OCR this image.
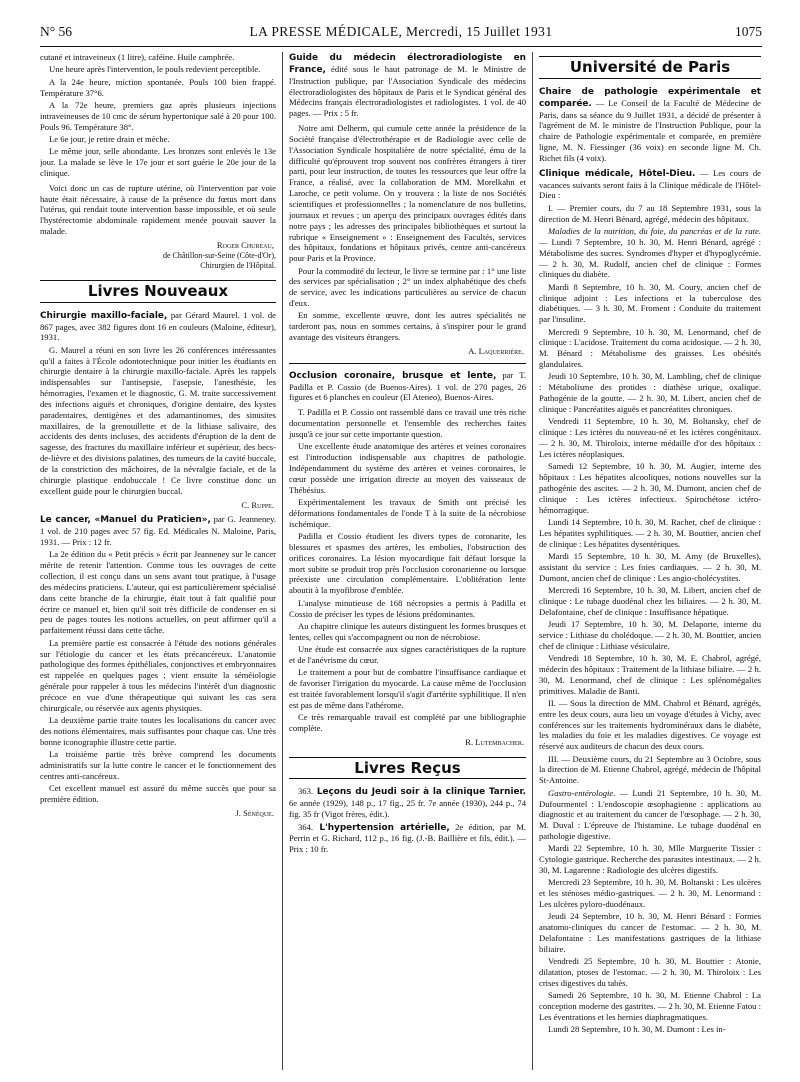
N° 56	LA PRESSE MÉDICALE, Mercredi, 15 Juillet 1931	1075

cutané et intraveineux (1 litre), caféine. Huile camphrée.

Une heure après l'intervention, le pouls redevient perceptible.

A la 24e heure, miction spontanée. Pouls 100 bien frappé. Température 37°6.

A la 72e heure, premiers gaz après plusieurs injections intraveineuses de 10 cmc de sérum hypertonique salé à 20 pour 100. Pouls 96. Température 38°.

Le 6e jour, je retire drain et mèche.

Le même jour, selle abondante. Les bronzes sont enlevés le 13e jour. La malade se lève le 17e jour et sort guérie le 20e jour de la clinique.

Voici donc un cas de rupture utérine, où l'intervention par voie haute était nécessaire, à cause de la présence du fœtus mort dans l'utérus, qui rendait toute intervention basse impossible, et où seule l'hystérectomie abdominale rapidement menée pouvait sauver la malade.

Roger Chureau,

de Châtillon-sur-Seine (Côte-d'Or),

Chirurgien de l'Hôpital.

Livres Nouveaux

Chirurgie maxillo-faciale, par Gérard Maurel. 1 vol. de 867 pages, avec 382 figures dont 16 en couleurs (Maloine, éditeur), 1931.

G. Maurel a réuni en son livre les 26 conférences intéressantes qu'il a faites à l'École odontotechnique pour initier les étudiants en chirurgie dentaire à la chirurgie maxillo-faciale. Après les rappels indispensables sur l'antisepsie, l'asepsie, l'anesthésie, les hémorragies, l'examen et le diagnostic, G. M. traite successivement des infections aiguës et chroniques, d'origine dentaire, des kystes paradentaires, dentigènes et des adamantinomes, des sinusites maxillaires, de la grenouillette et de la lithiase salivaire, des accidents des dents incluses, des accidents d'éruption de la dent de sagesse, des fractures du maxillaire inférieur et supérieur, des becs-de-lièvre et des divisions palatines, des tumeurs de la cavité buccale, de la constriction des mâchoires, de la névralgie faciale, et de la chirurgie plastique endobuccale ! Ce livre constitue donc un excellent guide pour le chirurgien buccal.

C. Ruppe.

Le cancer, «Manuel du Praticien», par G. Jeanneney. 1 vol. de 210 pages avec 57 fig. Ed. Médicales N. Maloine, Paris, 1931. — Prix : 12 fr.

La 2e édition du « Petit précis » écrit par Jeanneney sur le cancer mérite de retenir l'attention. Comme tous les ouvrages de cette collection, il est conçu dans un sens avant tout pratique, à l'usage des médecins praticiens. L'auteur, qui est particulièrement spécialisé dans cette branche de la chirurgie, était tout à fait qualifié pour écrire ce manuel et, bien qu'il soit très difficile de condenser en si peu de pages toutes les notions actuelles, on peut affirmer qu'il a parfaitement réussi dans cette tâche.

La première partie est consacrée à l'étude des notions générales sur l'étiologie du cancer et les états précancéreux. L'anatomie pathologique des formes épithéliales, conjonctives et embryonnaires est rappelée en quelques pages ; vient ensuite la séméiologie générale pour rappeler à tous les médecins l'intérêt d'un diagnostic précoce en vue d'une thérapeutique qui suivant les cas sera chirurgicale, ou réservée aux agents physiques.

La deuxième partie traite toutes les localisations du cancer avec des notions élémentaires, mais suffisantes pour chaque cas. Une très bonne iconographie illustre cette partie.

La troisième partie très brève comprend les documents administratifs sur la lutte contre le cancer et le fonctionnement des centres anti-cancéreux.

Cet excellent manuel est assuré du même succès que pour sa première édition.

J. Sénèque.

Guide du médecin électroradiologiste en France, édité sous le haut patronage de M. le Ministre de l'Instruction publique, par l'Association Syndicale des médecins électroradiologistes des hôpitaux de Paris et le Syndicat général des Médecins français électroradiologistes et radiologistes. 1 vol. de 40 pages. — Prix : 5 fr.

Notre ami Delherm, qui cumule cette année la présidence de la Société française d'électrothérapie et de Radiologie avec celle de l'Association Syndicale hospitalière de notre spécialité, ému de la difficulté qu'éprouvent trop souvent nos confrères étrangers à tirer parti, pour leur instruction, de toutes les ressources que leur offre la France, a réalisé, avec la collaboration de MM. Morelkahn et Laroche, ce petit volume. On y trouvera : la liste de nos Sociétés scientifiques et professionnelles ; la nomenclature de nos bulletins, journaux et revues ; un aperçu des principaux ouvrages édités dans notre pays ; les adresses des principales bibliothèques et surtout la rubrique « Enseignement » : Enseignement des Facultés, services des hôpitaux, fondations et hôpitaux privés, centre anti-cancéreux pour Paris et la Province.

Pour la commodité du lecteur, le livre se termine par : 1° une liste des services par spécialisation ; 2° un index alphabétique des chefs de service, avec les indications particulières au service de chacun d'eux.

En somme, excellente œuvre, dont les autres spécialités ne tarderont pas, nous en sommes certains, à s'inspirer pour le grand avantage des visiteurs étrangers.

A. Laquerrière.

Occlusion coronaire, brusque et lente, par T. Padilla et P. Cossio (de Buenos-Aires). 1 vol. de 270 pages, 26 figures et 6 planches en couleur (El Ateneo), Buenos-Aires.

T. Padilla et P. Cossio ont rassemblé dans ce travail une très riche documentation personnelle et l'ensemble des recherches faites jusqu'à ce jour sur cette importante question.

Une excellente étude anatomique des artères et veines coronaires est l'introduction indispensable aux chapitres de pathologie. Indépendamment du système des artères et veines coronaires, le cœur possède une irrigation directe au moyen des vaisseaux de Thébésius.

Expérimentalement les travaux de Smith ont précisé les déformations fondamentales de l'onde T à la suite de la nécrobiose ischémique.

Padilla et Cossio étudient les divers types de coronarite, les blessures et spasmes des artères, les embolies, l'obstruction des orifices coronaires. La lésion myocardique fait défaut lorsque la mort subite se produit trop près l'occlusion coronarienne ou lorsque préexiste une circulation complémentaire. L'oblitération lente aboutit à la myofibrose d'emblée.

L'analyse minutieuse de 168 nécropsies a permis à Padilla et Cossio de préciser les types de lésions prédominantes.

Au chapitre clinique les auteurs distinguent les formes brusques et lentes, celles qui s'accompagnent ou non de nécrobiose.

Une étude est consacrée aux signes caractéristiques de la rupture et de l'anévrisme du cœur.

Le traitement a pour but de combattre l'insuffisance cardiaque et de favoriser l'irrigation du myocarde. La cause même de l'occlusion est traitée favorablement lorsqu'il s'agit d'artérite syphilitique. Il n'en est pas de même dans l'athérome.

Ce très remarquable travail est complété par une bibliographie complète.

R. Lutembacher.

Livres Reçus

363. Leçons du Jeudi soir à la clinique Tarnier. 6e année (1929), 148 p., 17 fig., 25 fr. 7e année (1930), 244 p., 74 fig. 35 fr (Vigot frères, édit.).

364. L'hypertension artérielle, 2e édition, par M. Perrin et G. Richard, 112 p., 16 fig. (J.-B. Baillière et fils, édit.). — Prix : 10 fr.

Université de Paris

Chaire de pathologie expérimentale et comparée. — Le Conseil de la Faculté de Médecine de Paris, dans sa séance du 9 Juillet 1931, a décidé de présenter à l'agrément de M. le ministre de l'Instruction Publique, pour la chaire de Pathologie expérimentale et comparée, en première ligne, M. N. Fiessinger (36 voix) en seconde ligne M. Ch. Richet fils (4 voix).

Clinique médicale, Hôtel-Dieu. — Les cours de vacances suivants seront faits à la Clinique médicale de l'Hôtel-Dieu :

I. — Premier cours, du 7 au 18 Septembre 1931, sous la direction de M. Henri Bénard, agrégé, médecin des hôpitaux.

Maladies de la nutrition, du foie, du pancréas et de la rate. — Lundi 7 Septembre, 10 h. 30, M. Henri Bénard, agrégé : Métabolisme des sucres. Syndromes d'hyper et d'hypoglycémie. — 2 h. 30, M. Rudolf, ancien chef de clinique : Formes cliniques du diabète.

Mardi 8 Septembre, 10 h. 30, M. Coury, ancien chef de clinique adjoint : Les infections et la tuberculose des diabétiques. — 3 h. 30, M. Froment : Conduite du traitement par l'insuline.

Mercredi 9 Septembre, 10 h. 30, M. Lenormand, chef de clinique : L'acidose. Traitement du coma acidosique. — 2 h. 30, M. Bénard : Métabolisme des graisses. Les obésités glandulaires.

Jeudi 10 Septembre, 10 h. 30, M. Lambling, chef de clinique : Métabolisme des protides : diathèse urique, oxalique. Pathogénie de la goutte. — 2 h. 30, M. Libert, ancien chef de clinique : Pancréatites aiguës et pancréatites chroniques.

Vendredi 11 Septembre, 10 h. 30, M. Boltansky, chef de clinique : Les ictères du nouveau-né et les ictères congénitaux. — 2 h. 30, M. Thiroloix, interne médaille d'or des hôpitaux : Les ictères néoplasiques.

Samedi 12 Septembre, 10 h. 30, M. Augier, interne des hôpitaux : Les hépatites alcooliques, notions nouvelles sur la pathogénie des ascites. — 2 h. 30, M. Dumont, ancien chef de clinique : Les ictères infectieux. Spirochétose ictéro-hémorragique.

Lundi 14 Septembre, 10 h. 30, M. Rachet, chef de clinique : Les hépatites syphilitiques. — 2 h. 30, M. Bouttier, ancien chef de clinique : Les hépatites dysentériques.

Mardi 15 Septembre, 10 h. 30, M. Amy (de Bruxelles), assistant du service : Les foies cardiaques. — 2 h. 30, M. Dumont, ancien chef de clinique : Les angio-cholécystites.

Mercredi 16 Septembre, 10 h. 30, M. Libert, ancien chef de clinique : Le tubage duodénal chez les biliaires. — 2 h. 30, M. Delafontaine, chef de clinique : Insuffisance hépatique.

Jeudi 17 Septembre, 10 h. 30, M. Delaporte, interne du service : Lithiase du cholédoque. — 2 h. 30, M. Bouttier, ancien chef de clinique : Lithiase vésiculaire.

Vendredi 18 Septembre, 10 h. 30, M. E. Chabrol, agrégé, médecin des hôpitaux : Traitement de la lithiase biliaire. — 2 h. 30, M. Lenormand, chef de clinique : Les splénomégalies primitives. Maladie de Banti.

II. — Sous la direction de MM. Chabrol et Bénard, agrégés, entre les deux cours, aura lieu un voyage d'études à Vichy, avec conférences sur les traitements hydrominéraux dans le diabète, les maladies du foie et les maladies digestives. Ce voyage est réservé aux auditeurs de chacun des deux cours.

III. — Deuxième cours, du 21 Septembre au 3 Octobre, sous la direction de M. Etienne Chabrol, agrégé, médecin de l'hôpital St-Antoine.

Gastro-entérologie. — Lundi 21 Septembre, 10 h. 30, M. Dufourmentel : L'endoscopie œsophagienne : applications au diagnostic et au traitement du cancer de l'œsophage. — 2 h. 30, M. Duval : L'épreuve de l'histamine. Le tubage duodénal en pathologie digestive.

Mardi 22 Septembre, 10 h. 30, Mlle Marguerite Tissier : Cytologie gastrique. Recherche des parasites intestinaux. — 2 h. 30, M. Lagarenne : Radiologie des ulcères digestifs.

Mercredi 23 Septembre, 10 h. 30, M. Boltanski : Les ulcères et les sténoses médio-gastriques. — 2 h. 30, M. Lenormand : Les ulcères pyloro-duodénaux.

Jeudi 24 Septembre, 10 h. 30, M. Henri Bénard : Formes anatomo-cliniques du cancer de l'estomac. — 2 h. 30, M. Delafontaine : Les manifestations gastriques de la lithiase biliaire.

Vendredi 25 Septembre, 10 h. 30, M. Bouttier : Atonie, dilatation, ptoses de l'estomac. — 2 h. 30, M. Thiroloix : Les crises digestives du tabès.

Samedi 26 Septembre, 10 h. 30, M. Etienne Chabrol : La conception moderne des gastrites. — 2 h. 30, M. Etienne Fatou : Les éventrations et les hernies diaphragmatiques.

Lundi 28 Septembre, 10 h. 30, M. Dumont : Les in-
